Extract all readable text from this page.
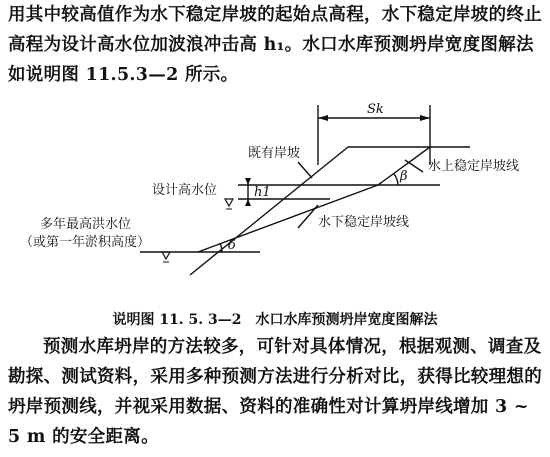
用其中较高值作为水下稳定岸坡的起始点高程，水下稳定岸坡的终止高程为设计高水位加波浪冲击高 h₁。水口水库预测坍岸宽度图解法如说明图 11.5.3—2 所示。

Sk
既有岸坡
水上稳定岸坡线
设计高水位	h1
多年最高洪水位
（或第一年淤积高度）
水下稳定岸坡线
β
δ

说明图 11. 5. 3—2　水口水库预测坍岸宽度图解法

预测水库坍岸的方法较多，可针对具体情况，根据观测、调查及勘探、测试资料，采用多种预测方法进行分析对比，获得比较理想的坍岸预测线，并视采用数据、资料的准确性对计算坍岸线增加 3 ~ 5 m 的安全距离。
